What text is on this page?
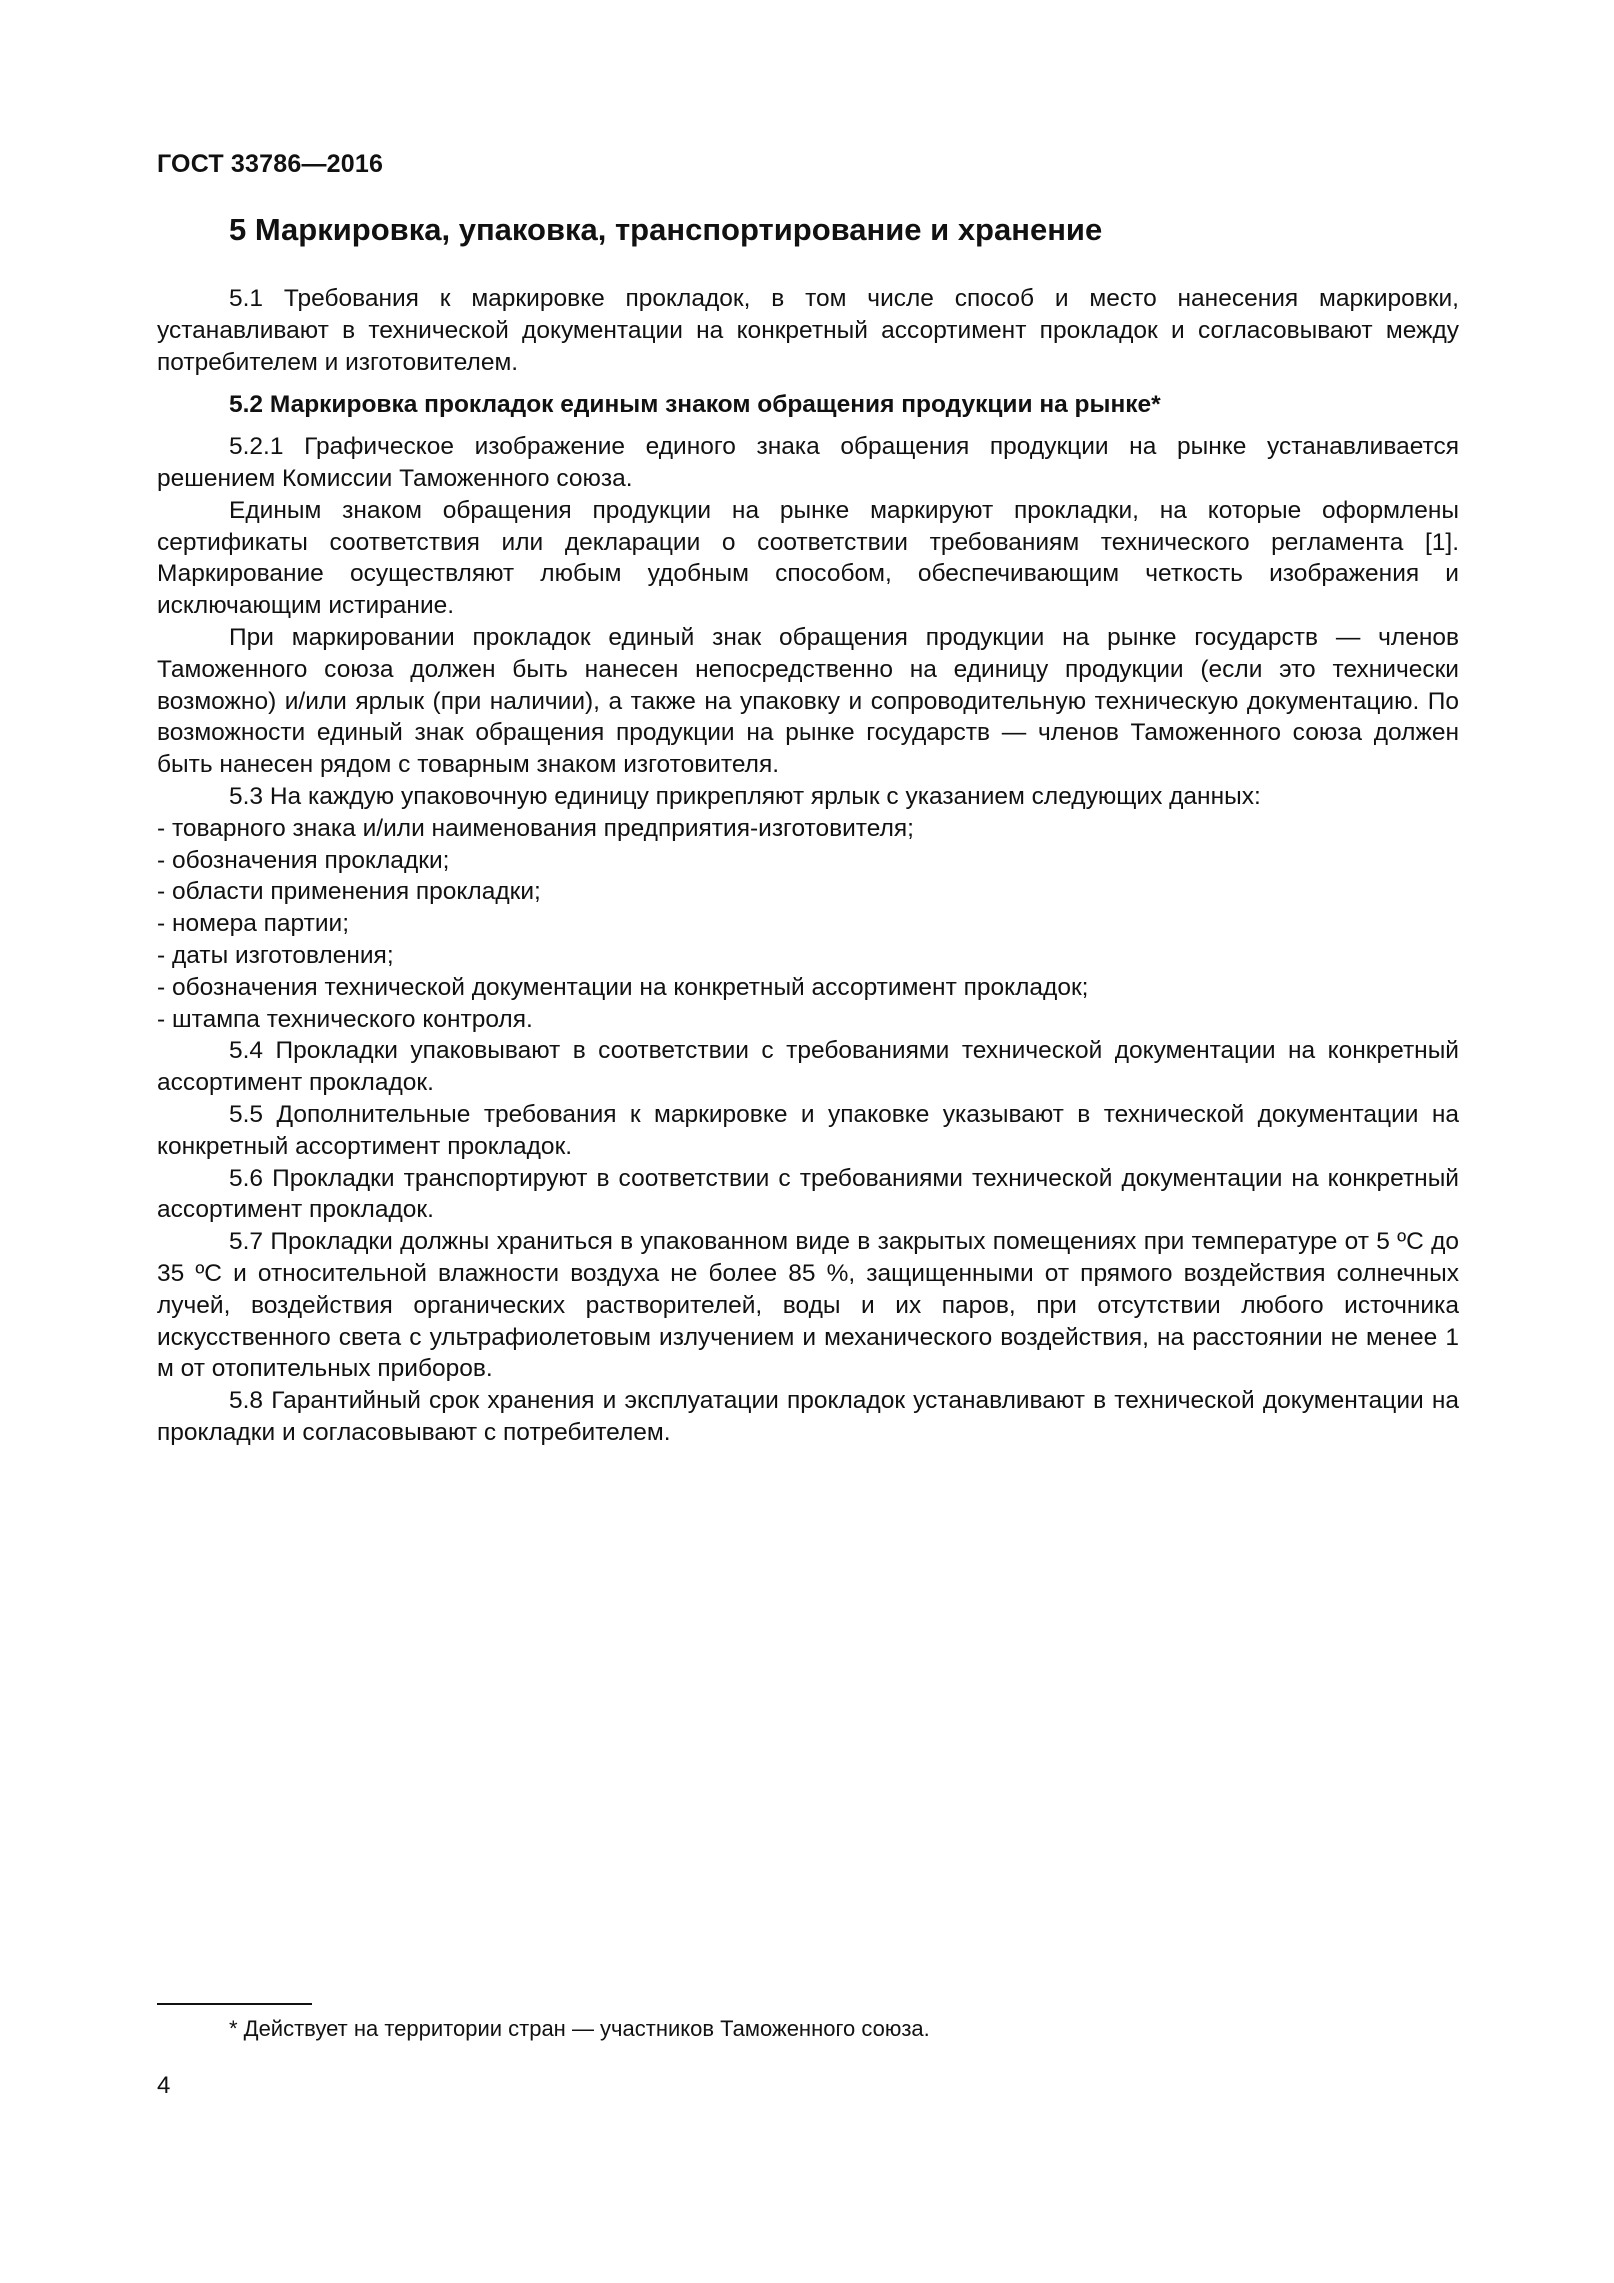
ГОСТ 33786—2016
5 Маркировка, упаковка, транспортирование и хранение

5.1 Требования к маркировке прокладок, в том числе способ и место нанесения маркировки, устанавливают в технической документации на конкретный ассортимент прокладок и согласовывают между потребителем и изготовителем.

5.2 Маркировка прокладок единым знаком обращения продукции на рынке*

5.2.1 Графическое изображение единого знака обращения продукции на рынке устанавливается решением Комиссии Таможенного союза.

Единым знаком обращения продукции на рынке маркируют прокладки, на которые оформлены сертификаты соответствия или декларации о соответствии требованиям технического регламента [1]. Маркирование осуществляют любым удобным способом, обеспечивающим четкость изображения и исключающим истирание.

При маркировании прокладок единый знак обращения продукции на рынке государств — членов Таможенного союза должен быть нанесен непосредственно на единицу продукции (если это технически возможно) и/или ярлык (при наличии), а также на упаковку и сопроводительную техническую документацию. По возможности единый знак обращения продукции на рынке государств — членов Таможенного союза должен быть нанесен рядом с товарным знаком изготовителя.

5.3 На каждую упаковочную единицу прикрепляют ярлык с указанием следующих данных:

- товарного знака и/или наименования предприятия-изготовителя;

- обозначения прокладки;

- области применения прокладки;

- номера партии;

- даты изготовления;

- обозначения технической документации на конкретный ассортимент прокладок;

- штампа технического контроля.

5.4 Прокладки упаковывают в соответствии с требованиями технической документации на конкретный ассортимент прокладок.

5.5 Дополнительные требования к маркировке и упаковке указывают в технической документации на конкретный ассортимент прокладок.

5.6 Прокладки транспортируют в соответствии с требованиями технической документации на конкретный ассортимент прокладок.

5.7 Прокладки должны храниться в упакованном виде в закрытых помещениях при температуре от 5 ºC до 35 ºC и относительной влажности воздуха не более 85 %, защищенными от прямого воздействия солнечных лучей, воздействия органических растворителей, воды и их паров, при отсутствии любого источника искусственного света с ультрафиолетовым излучением и механического воздействия, на расстоянии не менее 1 м от отопительных приборов.

5.8 Гарантийный срок хранения и эксплуатации прокладок устанавливают в технической документации на прокладки и согласовывают с потребителем.

* Действует на территории стран — участников Таможенного союза.
4
